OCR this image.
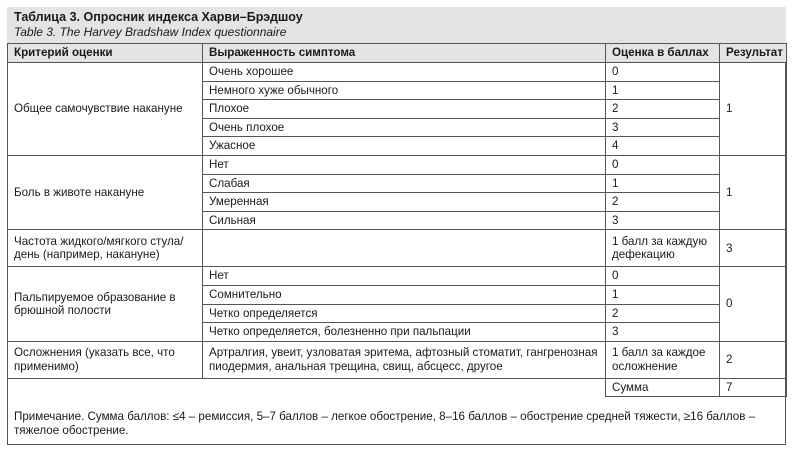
Таблица 3. Опросник индекса Харви–Брэдшоу
Table 3. The Harvey Bradshaw Index questionnaire
Критерий оценки	Выраженность симптома	Оценка в баллах	Результат
Общее самочувствие накануне	Очень хорошее	0	1
	Немного хуже обычного	1	
	Плохое	2	
	Очень плохое	3	
	Ужасное	4	
Боль в животе накануне	Нет	0	1
	Слабая	1	
	Умеренная	2	
	Сильная	3	
Частота жидкого/мягкого стула/день (например, накануне)		1 балл за каждую дефекацию	3
Пальпируемое образование в брюшной полости	Нет	0	0
	Сомнительно	1	
	Четко определяется	2	
	Четко определяется, болезненно при пальпации	3	
Осложнения (указать все, что применимо)	Артралгия, увеит, узловатая эритема, афтозный стоматит, гангренозная пиодермия, анальная трещина, свищ, абсцесс, другое	1 балл за каждое осложнение	2
		Сумма	7
Примечание. Сумма баллов: ≤4 – ремиссия, 5–7 баллов – легкое обострение, 8–16 баллов – обострение средней тяжести, ≥16 баллов – тяжелое обострение.
